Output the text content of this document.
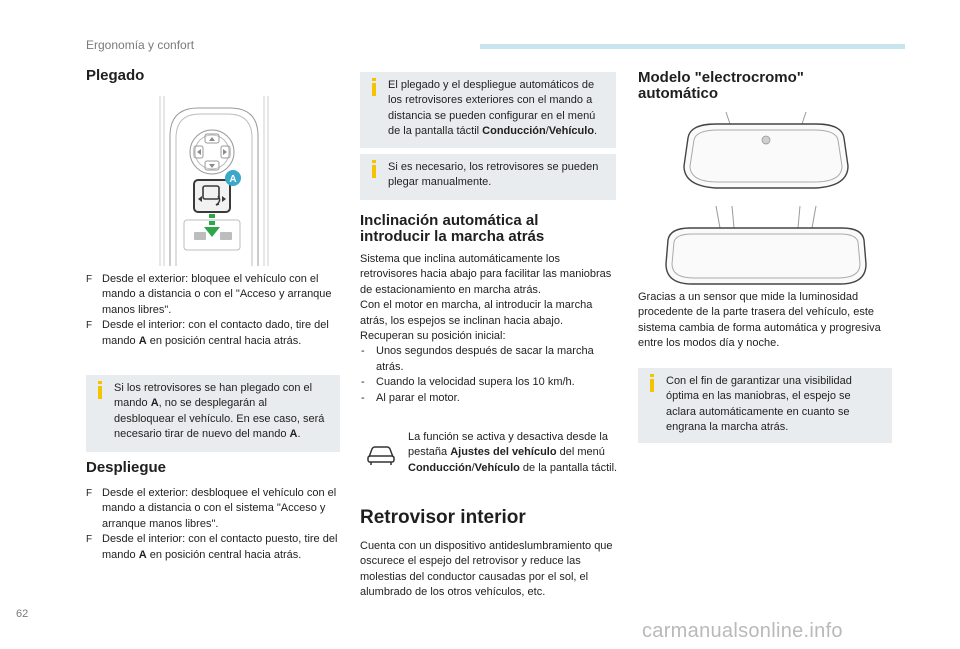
Ergonomía y confort
Plegado
A
F Desde el exterior: bloquee el vehículo con el mando a distancia o con el "Acceso y arranque manos libres".
F Desde el interior: con el contacto dado, tire del mando A en posición central hacia atrás.
Si los retrovisores se han plegado con el mando A, no se desplegarán al desbloquear el vehículo. En ese caso, será necesario tirar de nuevo del mando A.
Despliegue
F Desde el exterior: desbloquee el vehículo con el mando a distancia o con el sistema "Acceso y arranque manos libres".
F Desde el interior: con el contacto puesto, tire del mando A en posición central hacia atrás.
El plegado y el despliegue automáticos de los retrovisores exteriores con el mando a distancia se pueden configurar en el menú de la pantalla táctil Conducción/Vehículo.
Si es necesario, los retrovisores se pueden plegar manualmente.
Inclinación automática al introducir la marcha atrás
Sistema que inclina automáticamente los retrovisores hacia abajo para facilitar las maniobras de estacionamiento en marcha atrás.
Con el motor en marcha, al introducir la marcha atrás, los espejos se inclinan hacia abajo.
Recuperan su posición inicial:
- Unos segundos después de sacar la marcha atrás.
- Cuando la velocidad supera los 10 km/h.
- Al parar el motor.
La función se activa y desactiva desde la pestaña Ajustes del vehículo del menú Conducción/Vehículo de la pantalla táctil.
Retrovisor interior
Cuenta con un dispositivo antideslumbramiento que oscurece el espejo del retrovisor y reduce las molestias del conductor causadas por el sol, el alumbrado de los otros vehículos, etc.
Modelo "electrocromo" automático
Gracias a un sensor que mide la luminosidad procedente de la parte trasera del vehículo, este sistema cambia de forma automática y progresiva entre los modos día y noche.
Con el fin de garantizar una visibilidad óptima en las maniobras, el espejo se aclara automáticamente en cuanto se engrana la marcha atrás.
62
carmanualsonline.info
